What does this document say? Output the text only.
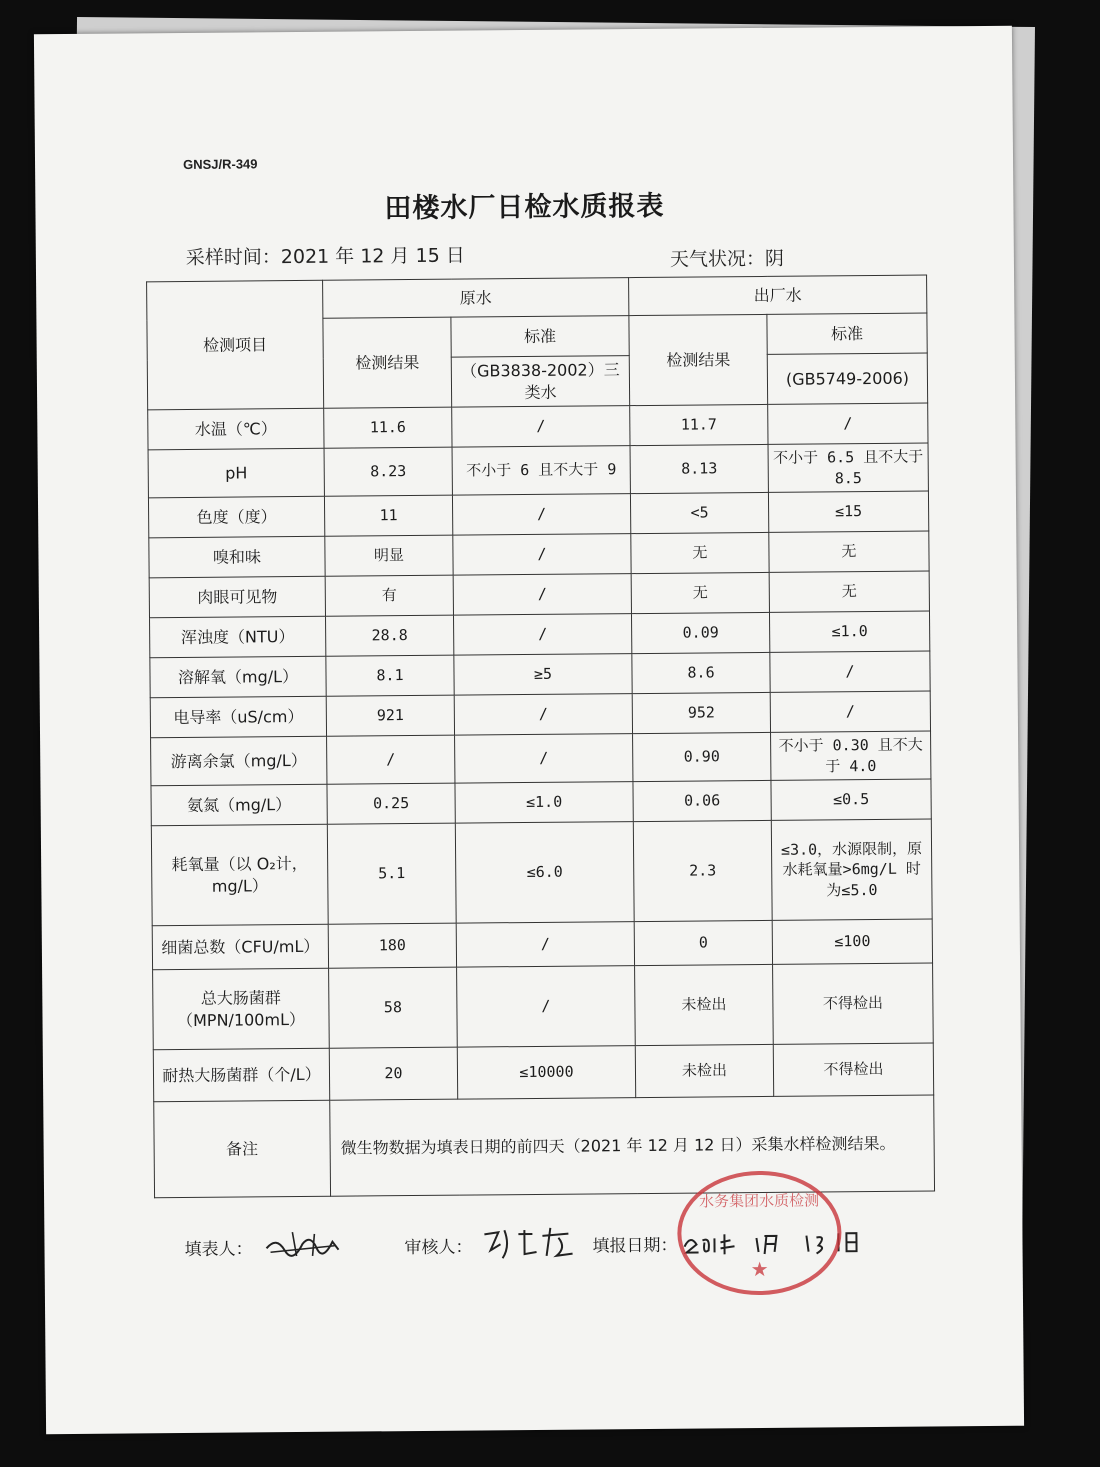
GNSJ/R-349
田楼水厂日检水质报表
采样时间：2021 年 12 月 15 日	天气状况：阴
检测项目	原水		出厂水	
	检测结果	标准	检测结果	标准
		（GB3838-2002）三类水		(GB5749-2006)
水温（℃）	11.6	/	11.7	/
pH	8.23	不小于 6 且不大于 9	8.13	不小于 6.5 且不大于 8.5
色度（度）	11	/	<5	≤15
嗅和味	明显	/	无	无
肉眼可见物	有	/	无	无
浑浊度（NTU）	28.8	/	0.09	≤1.0
溶解氧（mg/L）	8.1	≥5	8.6	/
电导率（uS/cm）	921	/	952	/
游离余氯（mg/L）	/	/	0.90	不小于 0.30 且不大于 4.0
氨氮（mg/L）	0.25	≤1.0	0.06	≤0.5
耗氧量（以 O₂计，mg/L）	5.1	≤6.0	2.3	≤3.0，水源限制，原水耗氧量>6mg/L 时为≤5.0
细菌总数（CFU/mL）	180	/	0	≤100
总大肠菌群（MPN/100mL）	58	/	未检出	不得检出
耐热大肠菌群（个/L）	20	≤10000	未检出	不得检出
备注	微生物数据为填表日期的前四天（2021 年 12 月 12 日）采集水样检测结果。			
填表人：	审核人：	填报日期：
水务集团水质检测
★
